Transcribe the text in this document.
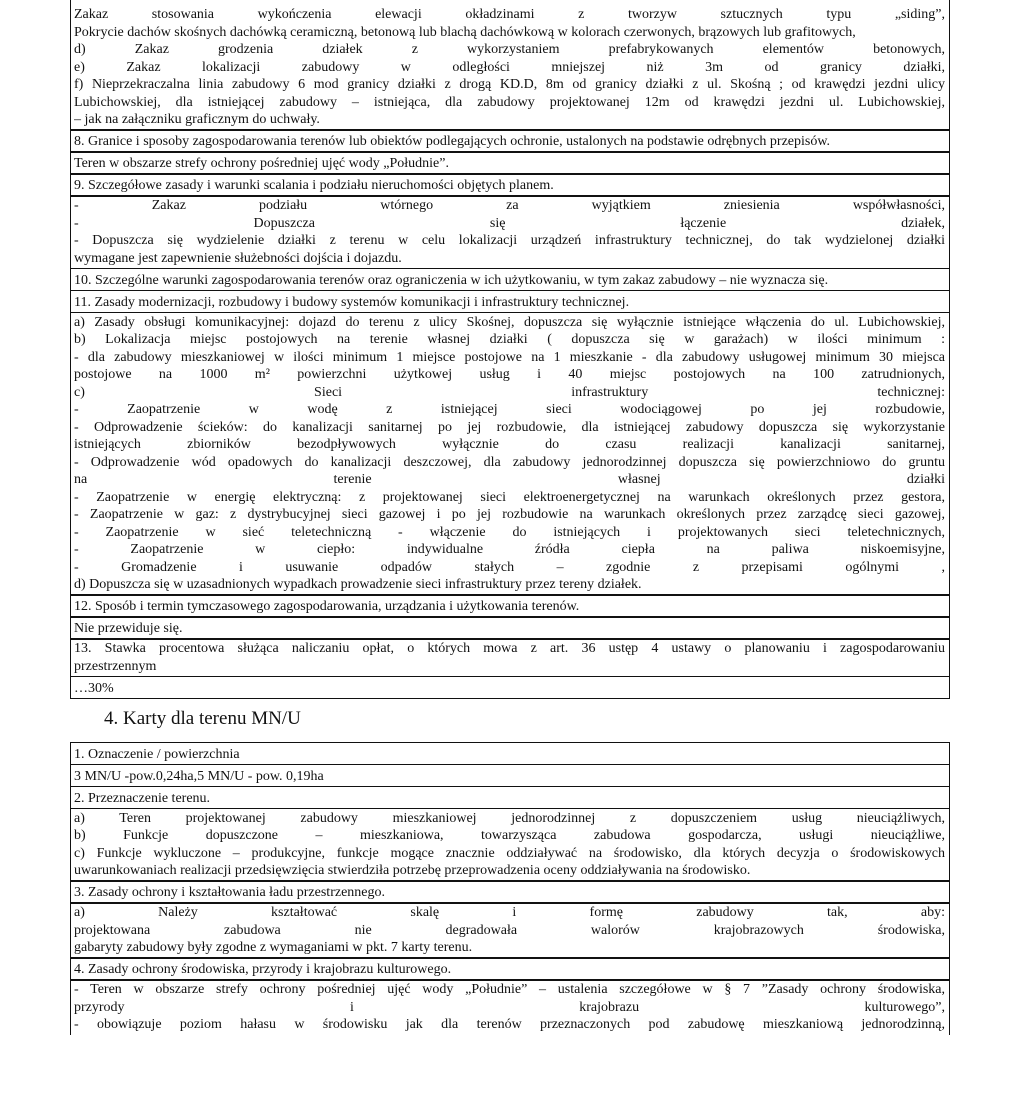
Zakaz stosowania wykończenia elewacji okładzinami z tworzyw sztucznych typu „siding”,
Pokrycie dachów skośnych dachówką ceramiczną, betonową lub blachą dachówkową w kolorach czerwonych, brązowych lub grafitowych,
d) Zakaz grodzenia działek z wykorzystaniem prefabrykowanych elementów betonowych,
e) Zakaz lokalizacji zabudowy w odległości mniejszej niż 3m od granicy działki,
f) Nieprzekraczalna linia zabudowy 6 mod granicy działki z drogą KD.D, 8m od granicy działki z ul. Skośną ; od krawędzi jezdni ulicy
Lubichowskiej, dla istniejącej zabudowy – istniejąca, dla zabudowy projektowanej 12m od krawędzi jezdni ul. Lubichowskiej,
– jak na załączniku graficznym do uchwały.
8. Granice i sposoby zagospodarowania terenów lub obiektów podlegających ochronie, ustalonych na podstawie odrębnych przepisów.
Teren w obszarze strefy ochrony pośredniej ujęć wody „Południe”.
9. Szczegółowe zasady i warunki scalania i podziału nieruchomości objętych planem.
- Zakaz podziału wtórnego za wyjątkiem zniesienia współwłasności,
- Dopuszcza się łączenie działek,
- Dopuszcza się wydzielenie działki z terenu w celu lokalizacji urządzeń infrastruktury technicznej, do tak wydzielonej działki
wymagane jest zapewnienie służebności dojścia i dojazdu.
10. Szczególne warunki zagospodarowania terenów oraz ograniczenia w ich użytkowaniu, w tym zakaz zabudowy – nie wyznacza się.
11. Zasady modernizacji, rozbudowy i budowy systemów komunikacji i infrastruktury technicznej.
a) Zasady obsługi komunikacyjnej: dojazd do terenu z ulicy Skośnej, dopuszcza się wyłącznie istniejące włączenia do ul. Lubichowskiej,
b) Lokalizacja miejsc postojowych na terenie własnej działki ( dopuszcza się w garażach) w ilości minimum :
- dla zabudowy mieszkaniowej w ilości minimum 1 miejsce postojowe na 1 mieszkanie - dla zabudowy usługowej minimum 30 miejsca
postojowe na 1000 m² powierzchni użytkowej usług i 40 miejsc postojowych na 100 zatrudnionych,
c) Sieci infrastruktury technicznej:
- Zaopatrzenie w wodę z istniejącej sieci wodociągowej po jej rozbudowie,
- Odprowadzenie ścieków: do kanalizacji sanitarnej po jej rozbudowie, dla istniejącej zabudowy dopuszcza się wykorzystanie
istniejących zbiorników bezodpływowych wyłącznie do czasu realizacji kanalizacji sanitarnej,
- Odprowadzenie wód opadowych do kanalizacji deszczowej, dla zabudowy jednorodzinnej dopuszcza się powierzchniowo do gruntu
na terenie własnej działki
- Zaopatrzenie w energię elektryczną: z projektowanej sieci elektroenergetycznej na warunkach określonych przez gestora,
- Zaopatrzenie w gaz: z dystrybucyjnej sieci gazowej i po jej rozbudowie na warunkach określonych przez zarządcę sieci gazowej,
- Zaopatrzenie w sieć teletechniczną - włączenie do istniejących i projektowanych sieci teletechnicznych,
- Zaopatrzenie w ciepło: indywidualne źródła ciepła na paliwa niskoemisyjne,
- Gromadzenie i usuwanie odpadów stałych – zgodnie z przepisami ogólnymi ,
d) Dopuszcza się w uzasadnionych wypadkach prowadzenie sieci infrastruktury przez tereny działek.
12. Sposób i termin tymczasowego zagospodarowania, urządzania i użytkowania terenów.
Nie przewiduje się.
13. Stawka procentowa służąca naliczaniu opłat, o których mowa z art. 36 ustęp 4 ustawy o planowaniu i zagospodarowaniu
przestrzennym
…30%
4. Karty dla terenu MN/U
1. Oznaczenie / powierzchnia
3 MN/U -pow.0,24ha,5 MN/U - pow. 0,19ha
2. Przeznaczenie terenu.
a) Teren projektowanej zabudowy mieszkaniowej jednorodzinnej z dopuszczeniem usług nieuciążliwych,
b) Funkcje dopuszczone – mieszkaniowa, towarzysząca zabudowa gospodarcza, usługi nieuciążliwe,
c) Funkcje wykluczone – produkcyjne, funkcje mogące znacznie oddziaływać na środowisko, dla których decyzja o środowiskowych
uwarunkowaniach realizacji przedsięwzięcia stwierdziła potrzebę przeprowadzenia oceny oddziaływania na środowisko.
3. Zasady ochrony i kształtowania ładu przestrzennego.
a) Należy kształtować skalę i formę zabudowy tak, aby:
projektowana zabudowa nie degradowała walorów krajobrazowych środowiska,
gabaryty zabudowy były zgodne z wymaganiami w pkt. 7 karty terenu.
4. Zasady ochrony środowiska, przyrody i krajobrazu kulturowego.
- Teren w obszarze strefy ochrony pośredniej ujęć wody „Południe” – ustalenia szczegółowe w § 7 ”Zasady ochrony środowiska,
przyrody i krajobrazu kulturowego”,
- obowiązuje poziom hałasu w środowisku jak dla terenów przeznaczonych pod zabudowę mieszkaniową jednorodzinną,
